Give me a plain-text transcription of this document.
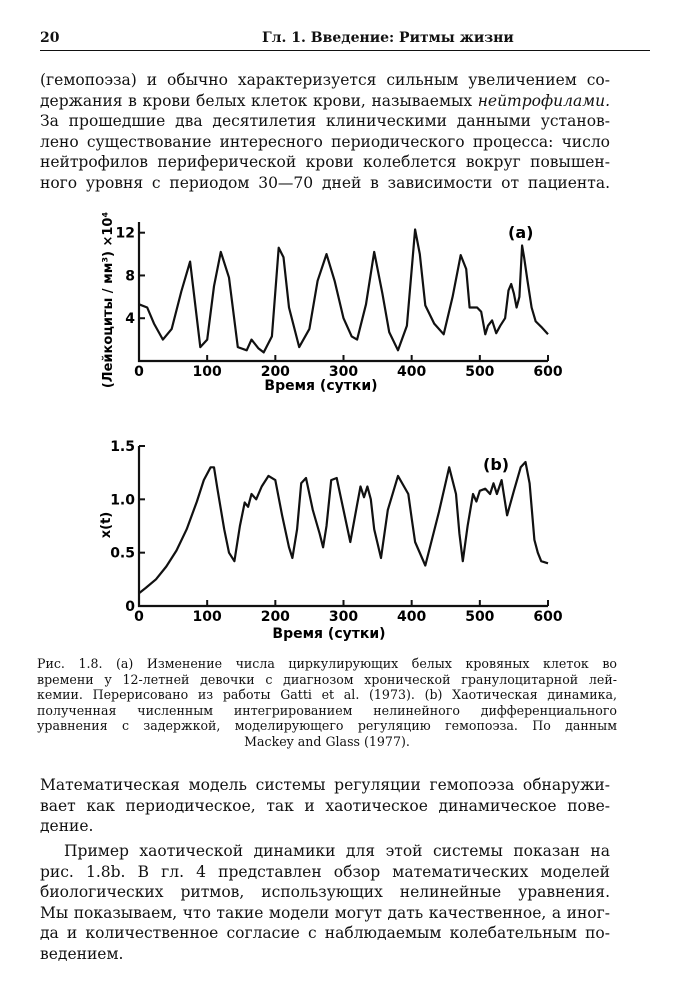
20	Гл. 1. Введение: Ритмы жизни

(гемопоэза) и обычно характеризуется сильным увеличением со-
держания в крови белых клеток крови, называемых нейтрофилами.
За прошедшие два десятилетия клиническими данными установ-
лено существование интересного периодического процесса: число
нейтрофилов периферической крови колеблется вокруг повышен-
ного уровня с периодом 30—70 дней в зависимости от пациента.

0	100	200	300	400	500	600
4
8
12	(a)
Время (сутки)
(Лейкоциты / мм³) ×10⁴
0	100	200	300	400	500	600
0
0.5
1.0
1.5
(b)
Время (сутки)
x(t)

Рис. 1.8. (а) Изменение числа циркулирующих белых кровяных клеток во
времени у 12-летней девочки с диагнозом хронической гранулоцитарной лей-
кемии. Перерисовано из работы Gatti et al. (1973). (b) Хаотическая динамика,
полученная численным интегрированием нелинейного дифференциального
уравнения с задержкой, моделирующего регуляцию гемопоэза. По данным
Mackey and Glass (1977).

Математическая модель системы регуляции гемопоэза обнаружи-
вает как периодическое, так и хаотическое динамическое пове-
дение.

Пример хаотической динамики для этой системы показан на
рис. 1.8b. В гл. 4 представлен обзор математических моделей
биологических ритмов, использующих нелинейные уравнения.
Мы показываем, что такие модели могут дать качественное, а иног-
да и количественное согласие с наблюдаемым колебательным по-
ведением.
